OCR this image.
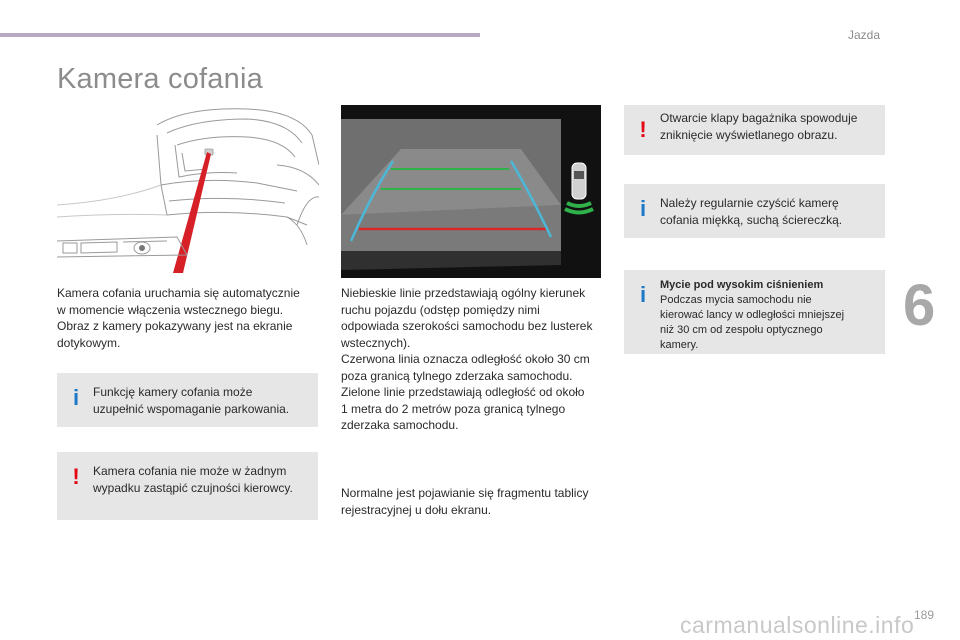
Jazda
Kamera cofania
6
189
carmanualsonline.info

Kamera cofania uruchamia się automatycznie
w momencie włączenia wstecznego biegu.
Obraz z kamery pokazywany jest na ekranie
dotykowym.

i	Funkcję kamery cofania może
uzupełnić wspomaganie parkowania.
! Kamera cofania nie może w żadnym
wypadku zastąpić czujności kierowcy.

Niebieskie linie przedstawiają ogólny kierunek
ruchu pojazdu (odstęp pomiędzy nimi
odpowiada szerokości samochodu bez lusterek
wstecznych).
Czerwona linia oznacza odległość około 30 cm
poza granicą tylnego zderzaka samochodu.
Zielone linie przedstawiają odległość od około
1 metra do 2 metrów poza granicą tylnego
zderzaka samochodu.

Normalne jest pojawianie się fragmentu tablicy
rejestracyjnej u dołu ekranu.

! Otwarcie klapy bagażnika spowoduje
zniknięcie wyświetlanego obrazu.
i	Należy regularnie czyścić kamerę
cofania miękką, suchą ściereczką.
i	Mycie pod wysokim ciśnieniem
Podczas mycia samochodu nie
kierować lancy w odległości mniejszej
niż 30 cm od zespołu optycznego
kamery.
